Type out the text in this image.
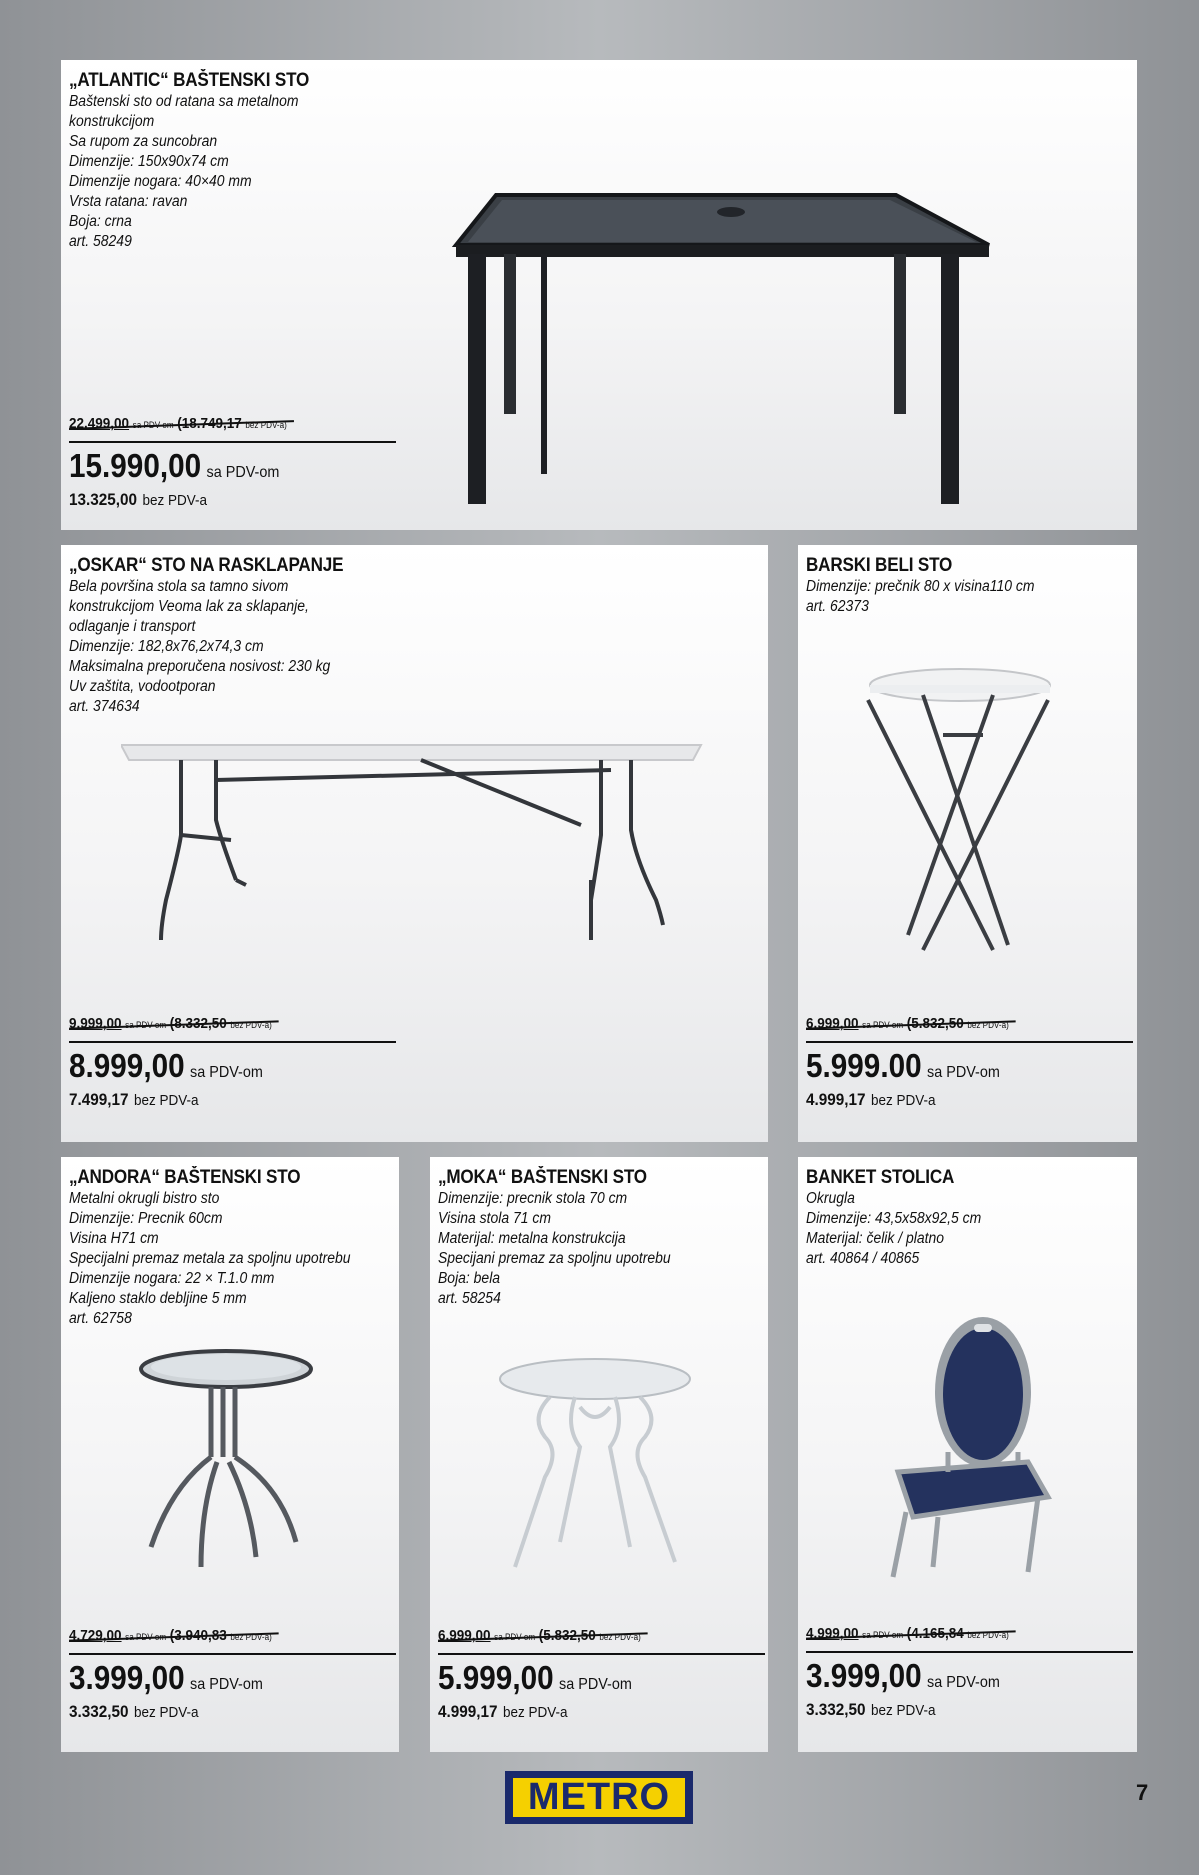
„ATLANTIC“ BAŠTENSKI STO
Baštenski sto od ratana sa metalnom
konstrukcijom
Sa rupom za suncobran
Dimenzije: 150x90x74 cm
Dimenzije nogara: 40×40 mm
Vrsta ratana: ravan
Boja: crna
art. 58249
22.499,00	bez PDV-a)
15.990,00 sa PDV-om
13.325,00 bez PDV-a
„OSKAR“ STO NA RASKLAPANJE
Bela površina stola sa tamno sivom
konstrukcijom Veoma lak za sklapanje,
odlaganje i transport
Dimenzije: 182,8x76,2x74,3 cm
Maksimalna preporučena nosivost: 230 kg
Uv zaštita, vodootporan
art. 374634
9.999,00	bez PDV-a)
8.999,00 sa PDV-om
7.499,17 bez PDV-a
BARSKI BELI STO
Dimenzije: prečnik 80 x visina110 cm
art. 62373
6.999,00	bez PDV-a)
5.999.00 sa PDV-om
4.999,17 bez PDV-a
„ANDORA“ BAŠTENSKI STO
Metalni okrugli bistro sto
Dimenzije: Precnik 60cm
Visina H71 cm
Specijalni premaz metala za spoljnu upotrebu
Dimenzije nogara: 22 × T.1.0 mm
Kaljeno staklo debljine 5 mm
art. 62758
4.729,00	bez PDV-a)
3.999,00 sa PDV-om
3.332,50 bez PDV-a
„MOKA“ BAŠTENSKI STO
Dimenzije: precnik stola 70 cm
Visina stola 71 cm
Materijal: metalna konstrukcija
Specijani premaz za spoljnu upotrebu
Boja: bela
art. 58254
6.999,00	bez PDV-a)
5.999,00 sa PDV-om
4.999,17 bez PDV-a
BANKET STOLICA
Okrugla
Dimenzije: 43,5x58x92,5 cm
Materijal: čelik / platno
art. 40864 / 40865
4.999,00	bez PDV-a)
3.999,00 sa PDV-om
3.332,50 bez PDV-a
METRO	7
